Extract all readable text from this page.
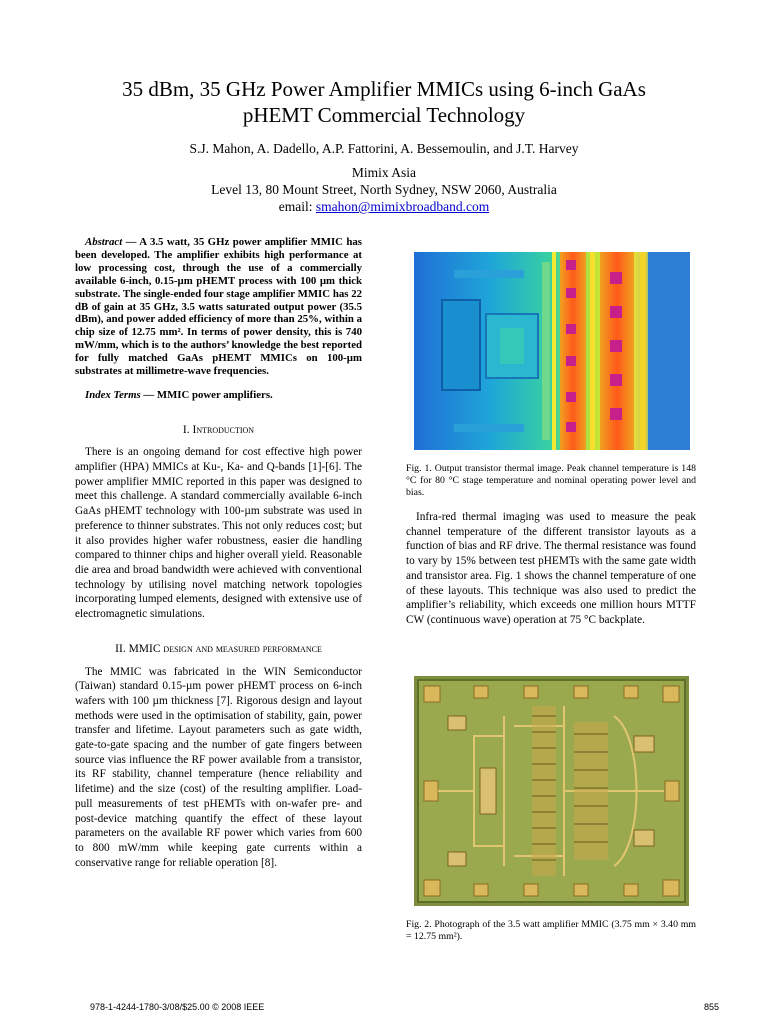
35 dBm, 35 GHz Power Amplifier MMICs using 6-inch GaAs
pHEMT Commercial Technology
S.J. Mahon, A. Dadello, A.P. Fattorini, A. Bessemoulin, and J.T. Harvey
Mimix Asia
Level 13, 80 Mount Street, North Sydney, NSW 2060, Australia
email: smahon@mimixbroadband.com

Abstract — A 3.5 watt, 35 GHz power amplifier MMIC has been developed. The amplifier exhibits high performance at low processing cost, through the use of a commercially available 6-inch, 0.15-µm pHEMT process with 100 µm thick substrate. The single-ended four stage amplifier MMIC has 22 dB of gain at 35 GHz, 3.5 watts saturated output power (35.5 dBm), and power added efficiency of more than 25%, within a chip size of 12.75 mm². In terms of power density, this is 740 mW/mm, which is to the authors’ knowledge the best reported for fully matched GaAs pHEMT MMICs on 100-µm substrates at millimetre-wave frequencies.

Index Terms — MMIC power amplifiers.

I. Introduction

There is an ongoing demand for cost effective high power amplifier (HPA) MMICs at Ku-, Ka- and Q-bands [1]-[6]. The power amplifier MMIC reported in this paper was designed to meet this challenge. A standard commercially available 6-inch GaAs pHEMT technology with 100-µm substrate was used in preference to thinner substrates. This not only reduces cost; but it also provides higher wafer robustness, easier die handling compared to thinner chips and higher overall yield. Reasonable die area and broad bandwidth were achieved with conventional technology by utilising novel matching network topologies incorporating lumped elements, designed with extensive use of electromagnetic simulations.

II. MMIC design and measured performance

The MMIC was fabricated in the WIN Semiconductor (Taiwan) standard 0.15-µm power pHEMT process on 6-inch wafers with 100 µm thickness [7]. Rigorous design and layout methods were used in the optimisation of stability, gain, power transfer and lifetime. Layout parameters such as gate width, gate-to-gate spacing and the number of gate fingers between source vias influence the RF power available from a transistor, its RF stability, channel temperature (hence reliability and lifetime) and the size (cost) of the resulting amplifier. Load-pull measurements of test pHEMTs with on-wafer pre- and post-device matching quantify the effect of these layout parameters on the available RF power which varies from 600 to 800 mW/mm while keeping gate currents within a conservative range for reliable operation [8].

Fig. 1. Output transistor thermal image. Peak channel temperature is 148 °C for 80 °C stage temperature and nominal operating power level and bias.

Infra-red thermal imaging was used to measure the peak channel temperature of the different transistor layouts as a function of bias and RF drive. The thermal resistance was found to vary by 15% between test pHEMTs with the same gate width and transistor area. Fig. 1 shows the channel temperature of one of these layouts. This technique was also used to predict the amplifier’s reliability, which exceeds one million hours MTTF CW (continuous wave) operation at 75 °C backplate.

Fig. 2. Photograph of the 3.5 watt amplifier MMIC (3.75 mm × 3.40 mm = 12.75 mm²).
978-1-4244-1780-3/08/$25.00 © 2008 IEEE	855
